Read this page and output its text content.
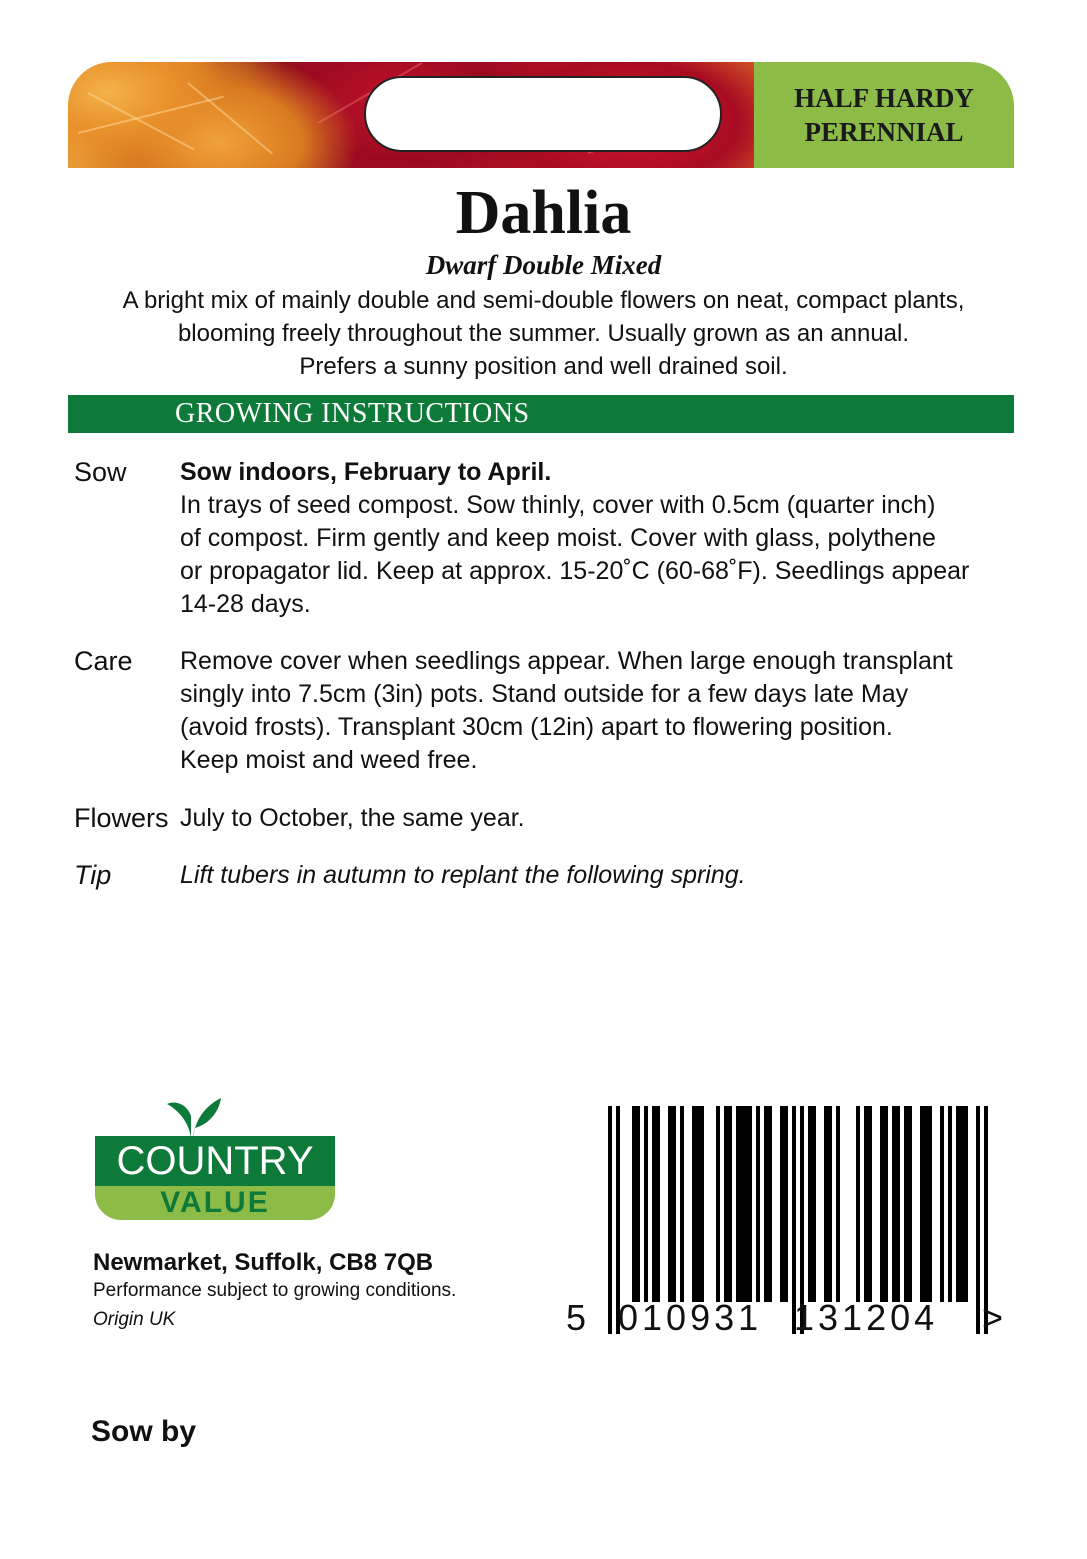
HALF HARDY
PERENNIAL
Dahlia
Dwarf Double Mixed
A bright mix of mainly double and semi-double flowers on neat, compact plants,
blooming freely throughout the summer. Usually grown as an annual.
Prefers a sunny position and well drained soil.
GROWING INSTRUCTIONS
Sow Sow indoors, February to April.

In trays of seed compost. Sow thinly, cover with 0.5cm (quarter inch)

of compost. Firm gently and keep moist. Cover with glass, polythene

or propagator lid. Keep at approx. 15-20˚C (60-68˚F). Seedlings appear

14-28 days.

Care Remove cover when seedlings appear. When large enough transplant

singly into 7.5cm (3in) pots. Stand outside for a few days late May

(avoid frosts). Transplant 30cm (12in) apart to flowering position.

Keep moist and weed free.

Flowers July to October, the same year.
Tip	Lift tubers in autumn to replant the following spring.
COUNTRY
VALUE
Newmarket, Suffolk, CB8 7QB
Performance subject to growing conditions.
Origin UK
Sow by
5 010931 131204 >
